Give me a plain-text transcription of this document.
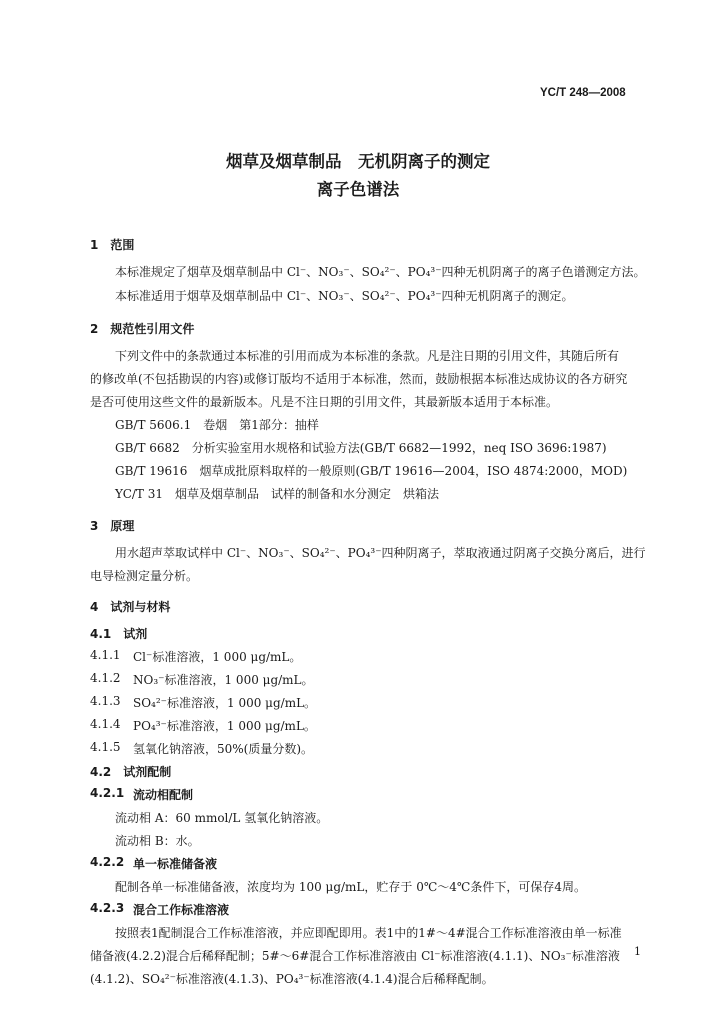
YC/T 248—2008
烟草及烟草制品　无机阴离子的测定
离子色谱法
1　范围
本标准规定了烟草及烟草制品中 Cl⁻、NO₃⁻、SO₄²⁻、PO₄³⁻四种无机阴离子的离子色谱测定方法。
本标准适用于烟草及烟草制品中 Cl⁻、NO₃⁻、SO₄²⁻、PO₄³⁻四种无机阴离子的测定。
2　规范性引用文件
下列文件中的条款通过本标准的引用而成为本标准的条款。凡是注日期的引用文件，其随后所有
的修改单(不包括勘误的内容)或修订版均不适用于本标准，然而，鼓励根据本标准达成协议的各方研究
是否可使用这些文件的最新版本。凡是不注日期的引用文件，其最新版本适用于本标准。
GB/T 5606.1　卷烟　第1部分：抽样
GB/T 6682　分析实验室用水规格和试验方法(GB/T 6682—1992，neq ISO 3696:1987)
GB/T 19616　烟草成批原料取样的一般原则(GB/T 19616—2004，ISO 4874:2000，MOD)
YC/T 31　烟草及烟草制品　试样的制备和水分测定　烘箱法
3　原理
用水超声萃取试样中 Cl⁻、NO₃⁻、SO₄²⁻、PO₄³⁻四种阴离子，萃取液通过阴离子交换分离后，进行
电导检测定量分析。
4　试剂与材料
4.1　试剂
4.1.1 Cl⁻标准溶液，1 000 μg/mL。
4.1.2 NO₃⁻标准溶液，1 000 μg/mL。
4.1.3 SO₄²⁻标准溶液，1 000 μg/mL。
4.1.4 PO₄³⁻标准溶液，1 000 μg/mL。
4.1.5 氢氧化钠溶液，50%(质量分数)。
4.2　试剂配制
4.2.1 流动相配制
流动相 A：60 mmol/L 氢氧化钠溶液。
流动相 B：水。
4.2.2 单一标准储备液
配制各单一标准储备液，浓度均为 100 μg/mL，贮存于 0℃～4℃条件下，可保存4周。
4.2.3 混合工作标准溶液
按照表1配制混合工作标准溶液，并应即配即用。表1中的1#～4#混合工作标准溶液由单一标准
储备液(4.2.2)混合后稀释配制；5#～6#混合工作标准溶液由 Cl⁻标准溶液(4.1.1)、NO₃⁻标准溶液
(4.1.2)、SO₄²⁻标准溶液(4.1.3)、PO₄³⁻标准溶液(4.1.4)混合后稀释配制。
1
